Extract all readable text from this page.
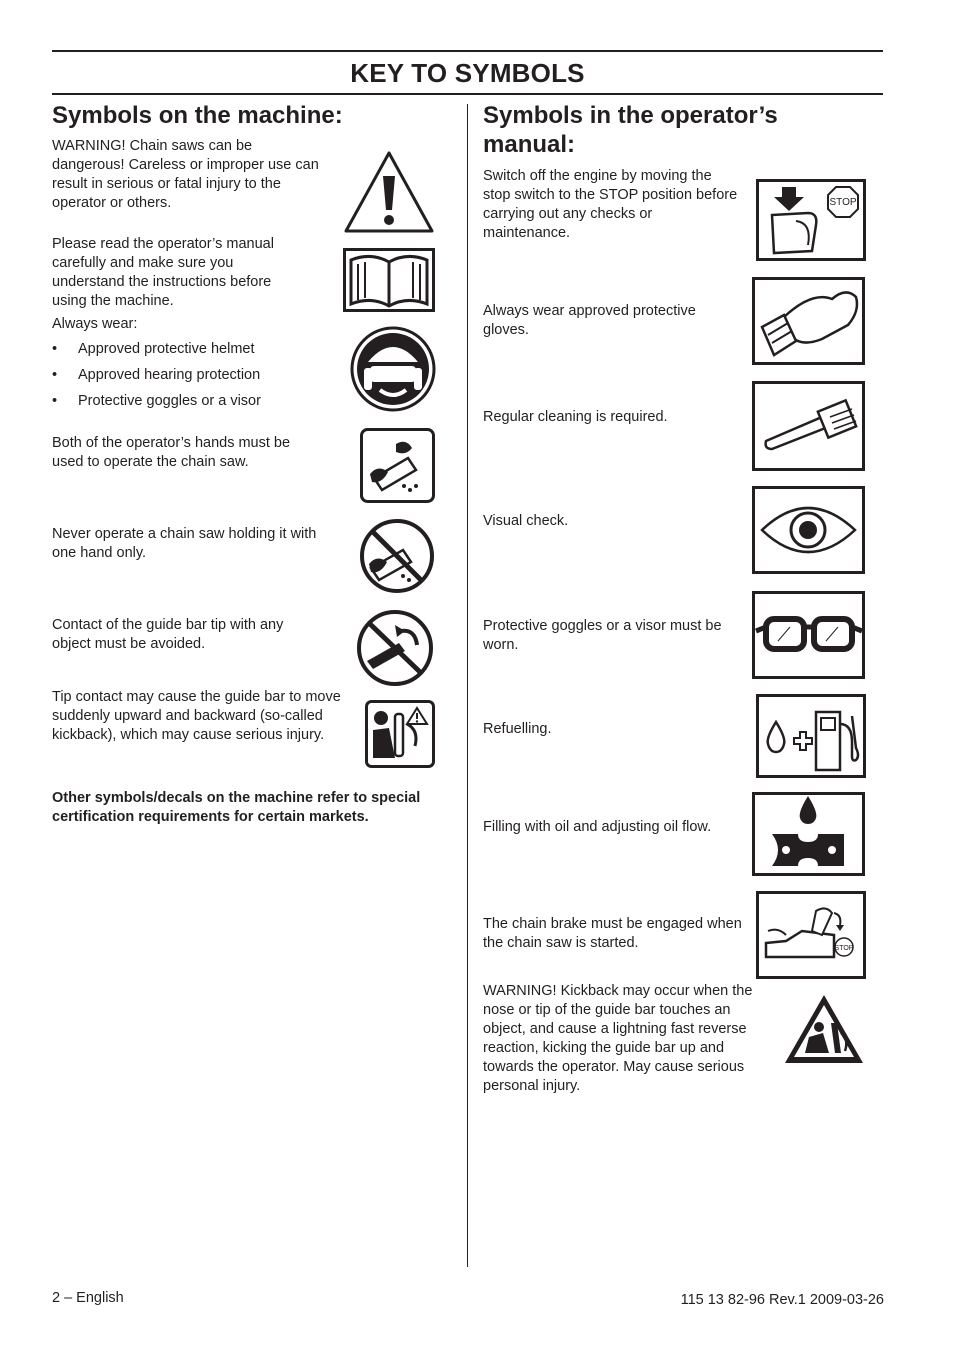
KEY TO SYMBOLS
Symbols on the machine:

WARNING! Chain saws can be dangerous! Careless or improper use can result in serious or fatal injury to the operator or others.

Please read the operator’s manual carefully and make sure you understand the instructions before using the machine.

Always wear:

• Approved protective helmet
• Approved hearing protection
• Protective goggles or a visor

Both of the operator’s hands must be used to operate the chain saw.

Never operate a chain saw holding it with one hand only.

Contact of the guide bar tip with any object must be avoided.

Tip contact may cause the guide bar to move suddenly upward and backward (so-called kickback), which may cause serious injury.

Other symbols/decals on the machine refer to special certification requirements for certain markets.

Symbols in the operator’s manual:

Switch off the engine by moving the stop switch to the STOP position before carrying out any checks or maintenance.

STOP

Always wear approved protective gloves.

Regular cleaning is required.

Visual check.

Protective goggles or a visor must be worn.

Refuelling.

Filling with oil and adjusting oil flow.

The chain brake must be engaged when the chain saw is started.	STOP

WARNING! Kickback may occur when the nose or tip of the guide bar touches an object, and cause a lightning fast reverse reaction, kicking the guide bar up and towards the operator. May cause serious personal injury.

2 – English	115 13 82-96 Rev.1 2009-03-26
